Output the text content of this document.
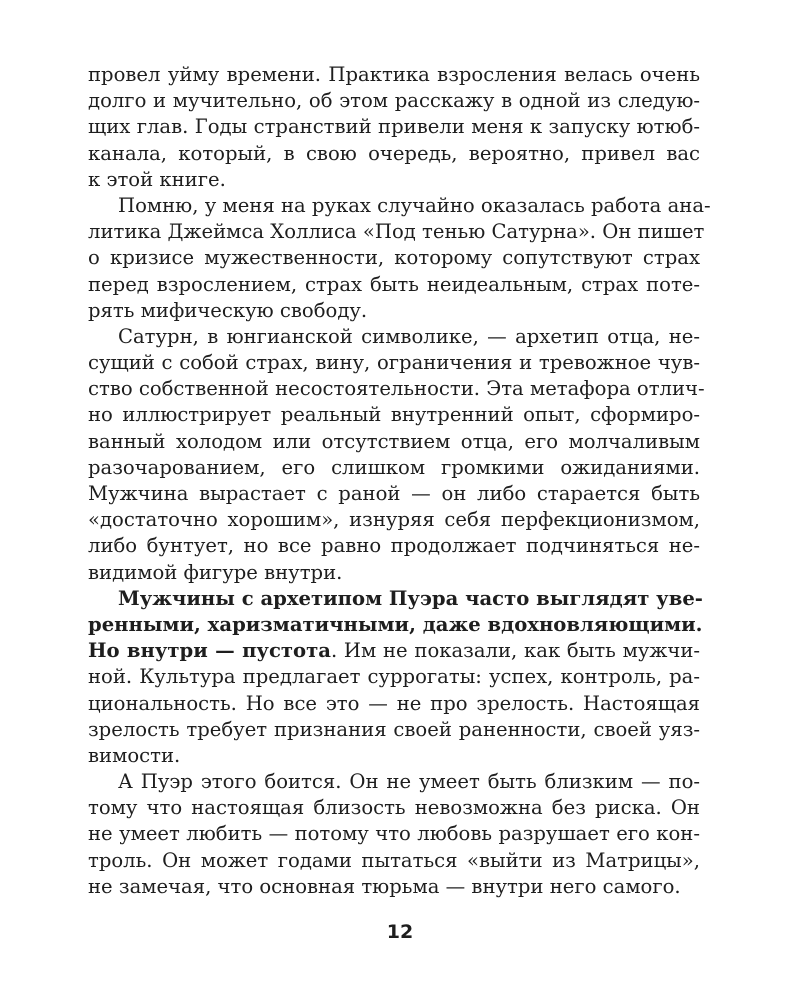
провел уйму времени. Практика взросления велась очень
долго и мучительно, об этом расскажу в одной из следую-
щих глав. Годы странствий привели меня к запуску ютюб-
канала, который, в свою очередь, вероятно, привел вас
к этой книге.
Помню, у меня на руках случайно оказалась работа ана-
литика Джеймса Холлиса «Под тенью Сатурна». Он пишет
о кризисе мужественности, которому сопутствуют страх
перед взрослением, страх быть неидеальным, страх поте-
рять мифическую свободу.
Сатурн, в юнгианской символике, — архетип отца, не-
сущий с собой страх, вину, ограничения и тревожное чув-
ство собственной несостоятельности. Эта метафора отлич-
но иллюстрирует реальный внутренний опыт, сформиро-
ванный холодом или отсутствием отца, его молчаливым
разочарованием, его слишком громкими ожиданиями.
Мужчина вырастает с раной — он либо старается быть
«достаточно хорошим», изнуряя себя перфекционизмом,
либо бунтует, но все равно продолжает подчиняться не-
видимой фигуре внутри.
Мужчины с архетипом Пуэра часто выглядят уве-
ренными, харизматичными, даже вдохновляющими.
Но внутри — пустота. Им не показали, как быть мужчи-
ной. Культура предлагает суррогаты: успех, контроль, ра-
циональность. Но все это — не про зрелость. Настоящая
зрелость требует признания своей раненности, своей уяз-
вимости.
А Пуэр этого боится. Он не умеет быть близким — по-
тому что настоящая близость невозможна без риска. Он
не умеет любить — потому что любовь разрушает его кон-
троль. Он может годами пытаться «выйти из Матрицы»,
не замечая, что основная тюрьма — внутри него самого.
12
